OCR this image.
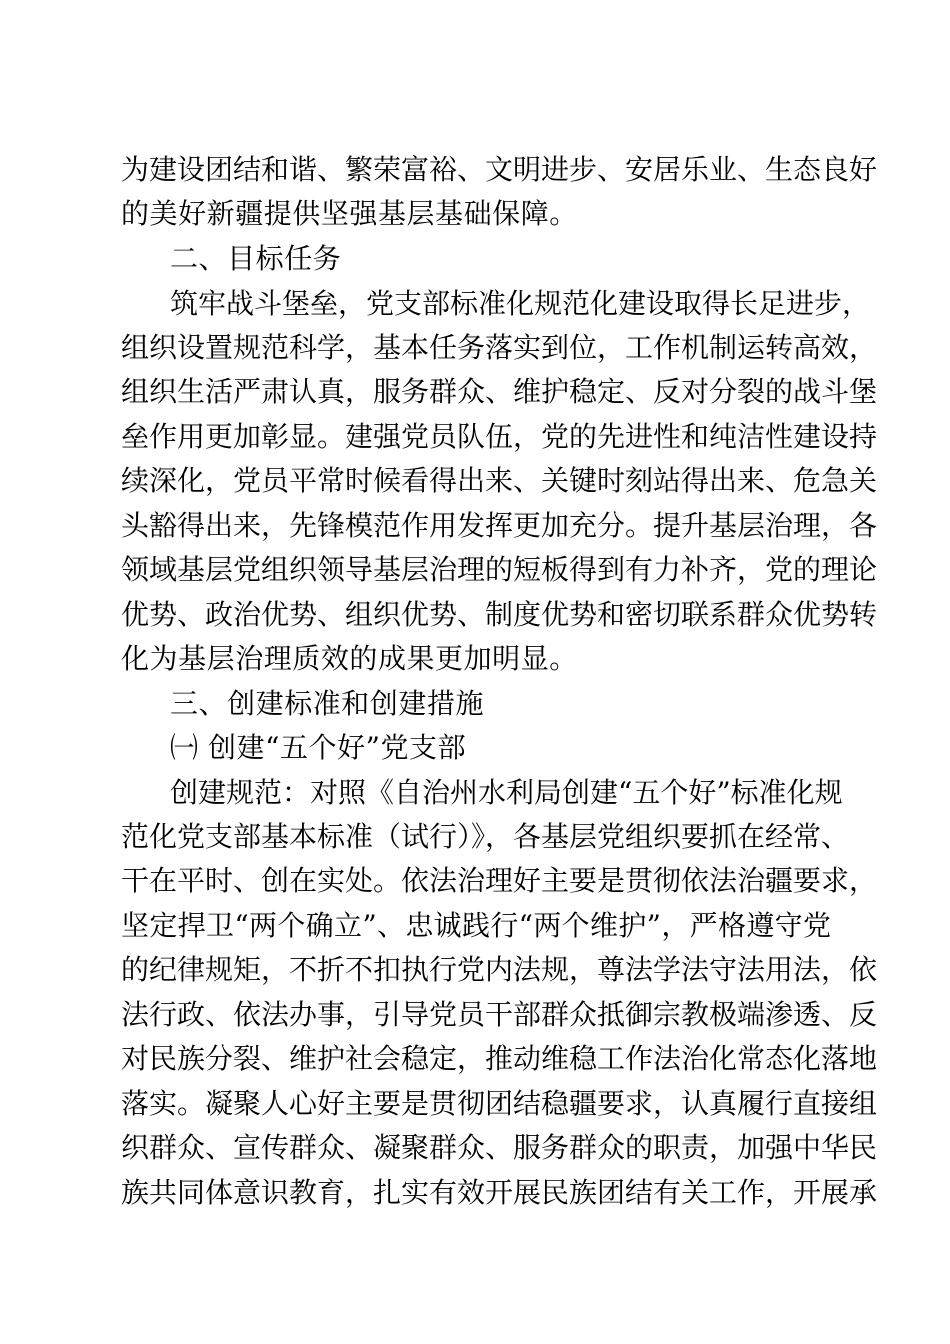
为建设团结和谐、繁荣富裕、文明进步、安居乐业、生态良好
的美好新疆提供坚强基层基础保障。
二、目标任务
筑牢战斗堡垒，党支部标准化规范化建设取得长足进步，
组织设置规范科学，基本任务落实到位，工作机制运转高效，
组织生活严肃认真，服务群众、维护稳定、反对分裂的战斗堡
垒作用更加彰显。建强党员队伍，党的先进性和纯洁性建设持
续深化，党员平常时候看得出来、关键时刻站得出来、危急关
头豁得出来，先锋模范作用发挥更加充分。提升基层治理，各
领域基层党组织领导基层治理的短板得到有力补齐，党的理论
优势、政治优势、组织优势、制度优势和密切联系群众优势转
化为基层治理质效的成果更加明显。
三、创建标准和创建措施
㈠ 创建“五个好”党支部
创建规范：对照《自治州水利局创建“五个好”标准化规
范化党支部基本标准（试行）》，各基层党组织要抓在经常、
干在平时、创在实处。依法治理好主要是贯彻依法治疆要求，
坚定捍卫“两个确立”、忠诚践行“两个维护”，严格遵守党
的纪律规矩，不折不扣执行党内法规，尊法学法守法用法，依
法行政、依法办事，引导党员干部群众抵御宗教极端渗透、反
对民族分裂、维护社会稳定，推动维稳工作法治化常态化落地
落实。凝聚人心好主要是贯彻团结稳疆要求，认真履行直接组
织群众、宣传群众、凝聚群众、服务群众的职责，加强中华民
族共同体意识教育，扎实有效开展民族团结有关工作，开展承
